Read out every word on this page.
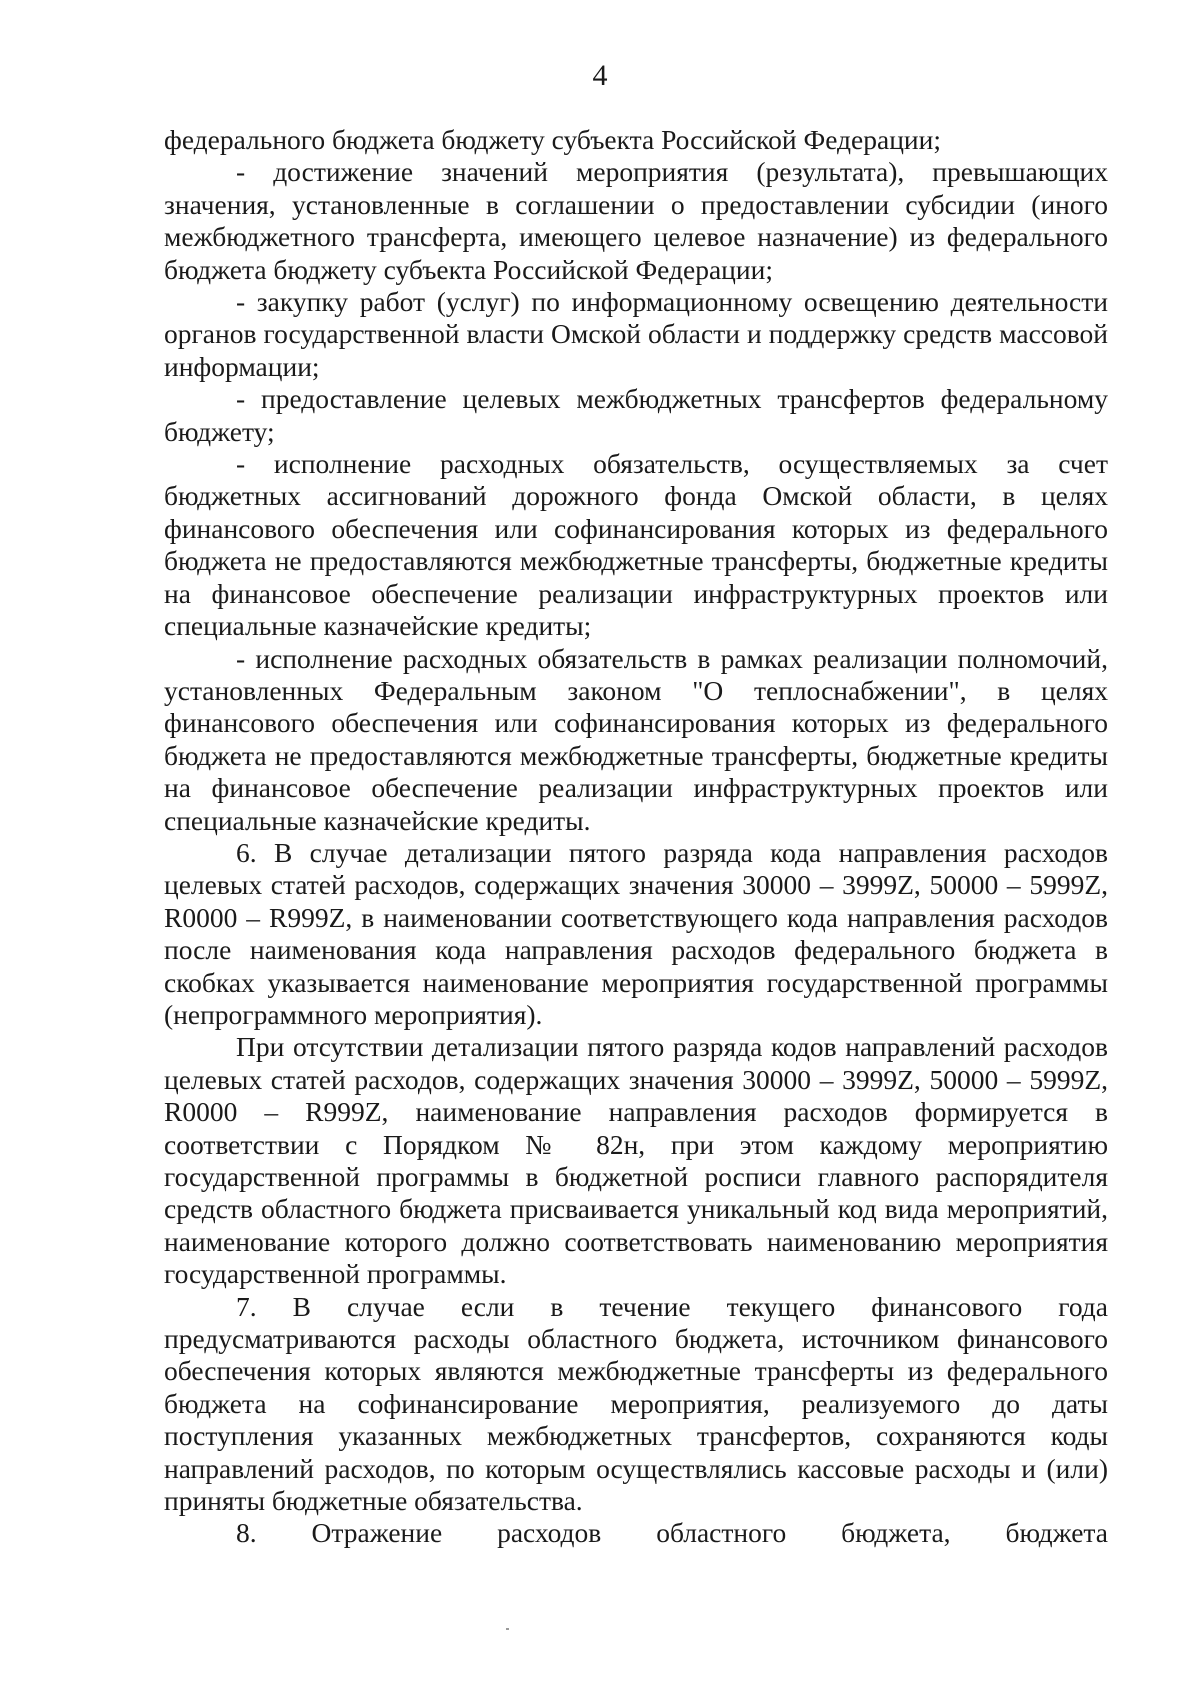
4

федерального бюджета бюджету субъекта Российской Федерации;

- достижение значений мероприятия (результата), превышающих значения, установленные в соглашении о предоставлении субсидии (иного межбюджетного трансферта, имеющего целевое назначение) из федерального бюджета бюджету субъекта Российской Федерации;

- закупку работ (услуг) по информационному освещению деятельности органов государственной власти Омской области и поддержку средств массовой информации;

- предоставление целевых межбюджетных трансфертов федеральному бюджету;

- исполнение расходных обязательств, осуществляемых за счет бюджетных ассигнований дорожного фонда Омской области, в целях финансового обеспечения или софинансирования которых из федерального бюджета не предоставляются межбюджетные трансферты, бюджетные кредиты на финансовое обеспечение реализации инфраструктурных проектов или специальные казначейские кредиты;

- исполнение расходных обязательств в рамках реализации полномочий, установленных Федеральным законом "О теплоснабжении", в целях финансового обеспечения или софинансирования которых из федерального бюджета не предоставляются межбюджетные трансферты, бюджетные кредиты на финансовое обеспечение реализации инфраструктурных проектов или специальные казначейские кредиты.

6. В случае детализации пятого разряда кода направления расходов целевых статей расходов, содержащих значения 30000 – 3999Z, 50000 – 5999Z, R0000 – R999Z, в наименовании соответствующего кода направления расходов после наименования кода направления расходов федерального бюджета в скобках указывается наименование мероприятия государственной программы (непрограммного мероприятия).

При отсутствии детализации пятого разряда кодов направлений расходов целевых статей расходов, содержащих значения 30000 – 3999Z, 50000 – 5999Z, R0000 – R999Z, наименование направления расходов формируется в соответствии с Порядком № 82н, при этом каждому мероприятию государственной программы в бюджетной росписи главного распорядителя средств областного бюджета присваивается уникальный код вида мероприятий, наименование которого должно соответствовать наименованию мероприятия государственной программы.

7. В случае если в течение текущего финансового года предусматриваются расходы областного бюджета, источником финансового обеспечения которых являются межбюджетные трансферты из федерального бюджета на софинансирование мероприятия, реализуемого до даты поступления указанных межбюджетных трансфертов, сохраняются коды направлений расходов, по которым осуществлялись кассовые расходы и (или) приняты бюджетные обязательства.

8. Отражение расходов областного бюджета, бюджета
